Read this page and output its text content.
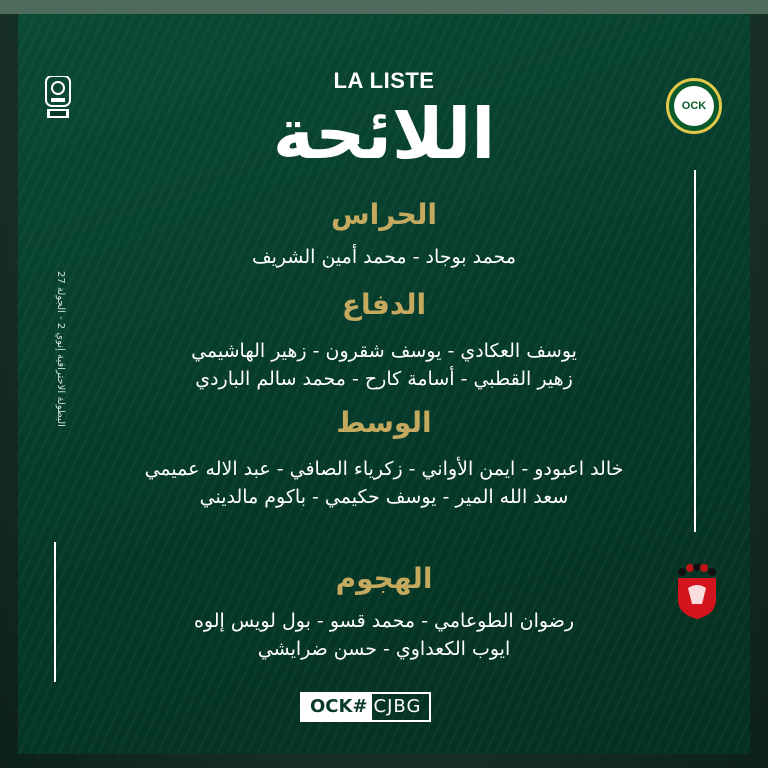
OCK
البطولة الاحترافية إنوي 2 - الجولة 27
LA LISTE
اللائحة
الحراس
محمد بوجاد - محمد أمين الشريف
الدفاع
يوسف العكادي - يوسف شقرون - زهير الهاشيمي
زهير القطبي - أسامة كارح - محمد سالم الباردي
الوسط
خالد اعبودو - ايمن الأواني - زكرياء الصافي - عبد الاله عميمي
سعد الله المير - يوسف حكيمي - باكوم مالديني
الهجوم
رضوان الطوعامي - محمد قسو - بول لويس إلوه
ايوب الكعداوي - حسن ضرايشي
OCK# CJBG
